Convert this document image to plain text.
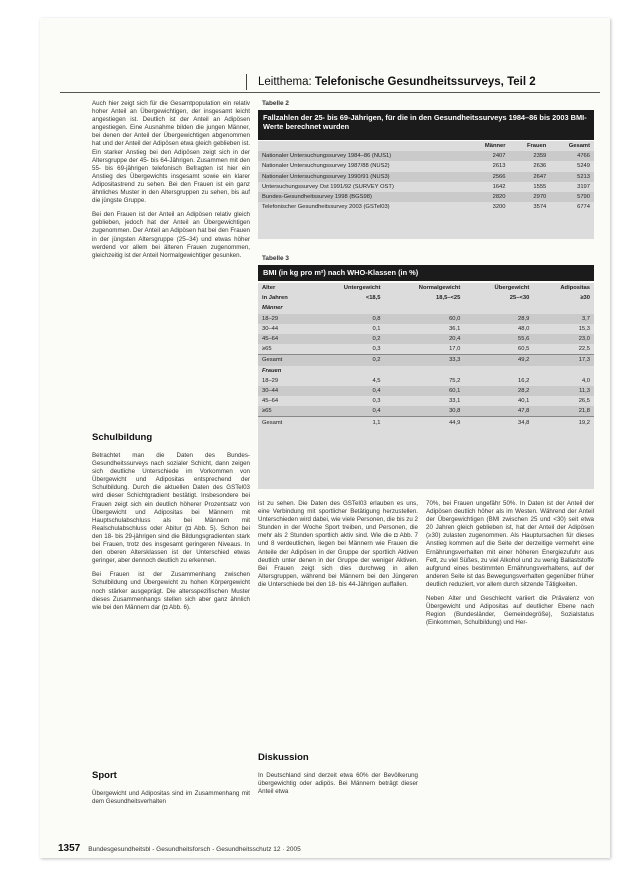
Leitthema: Telefonische Gesundheitssurveys, Teil 2
Tabelle 2
Fallzahlen der 25- bis 69-Jährigen, für die in den Gesundheitssurveys 1984–86 bis 2003 BMI-Werte berechnet wurden
	Männer	Frauen	Gesamt
Nationaler Untersuchungssurvey 1984–86 (NUS1)	2407	2359	4766
Nationaler Untersuchungssurvey 1987/88 (NUS2)	2613	2636	5249
Nationaler Untersuchungssurvey 1990/91 (NUS3)	2566	2647	5213
Untersuchungssurvey Ost 1991/92 (SURVEY OST)	1642	1555	3197
Bundes-Gesundheitssurvey 1998 (BGS98)	2820	2970	5790
Telefonischer Gesundheitssurvey 2003 (GSTel03)	3200	3574	6774
Tabelle 3
BMI (in kg pro m²) nach WHO-Klassen (in %)
Alter	Untergewicht	Normalgewicht	Übergewicht	Adipositas
in Jahren	<18,5	18,5–<25	25–<30	≥30
Männer				
18–29	0,8	60,0	28,9	3,7
30–44	0,1	36,1	48,0	15,3
45–64	0,2	20,4	55,6	23,0
≥65	0,3	17,0	60,5	22,5
Gesamt	0,2	33,3	49,2	17,3
Frauen				
18–29	4,5	75,2	16,2	4,0
30–44	0,4	60,1	28,2	11,3
45–64	0,3	33,1	40,1	26,5
≥65	0,4	30,8	47,8	21,8
Gesamt	1,1	44,9	34,8	19,2

Auch hier zeigt sich für die Gesamtpopulation ein relativ hoher Anteil an Übergewichtigen, der insgesamt leicht angestiegen ist. Deutlich ist der Anteil an Adipösen angestiegen. Eine Ausnahme bilden die jungen Männer, bei denen der Anteil der Übergewichtigen abgenommen hat und der Anteil der Adipösen etwa gleich geblieben ist. Ein starker Anstieg bei den Adipösen zeigt sich in der Altersgruppe der 45- bis 64-Jährigen. Zusammen mit den 55- bis 69-jährigen telefonisch Befragten ist hier ein Anstieg des Übergewichts insgesamt sowie ein klarer Adipositastrend zu sehen. Bei den Frauen ist ein ganz ähnliches Muster in den Altersgruppen zu sehen, bis auf die jüngste Gruppe.

Bei den Frauen ist der Anteil an Adipösen relativ gleich geblieben, jedoch hat der Anteil an Übergewichtigen zugenommen. Der Anteil an Adipösen hat bei den Frauen in der jüngsten Altersgruppe (25–34) und etwas höher werdend vor allem bei älteren Frauen zugenommen, gleichzeitig ist der Anteil Normalgewichtiger gesunken.

Schulbildung

Betrachtet man die Daten des Bundes-Gesundheitssurveys nach sozialer Schicht, dann zeigen sich deutliche Unterschiede im Vorkommen von Übergewicht und Adipositas entsprechend der Schulbildung. Durch die aktuellen Daten des GSTel03 wird dieser Schichtgradient bestätigt. Insbesondere bei Frauen zeigt sich ein deutlich höherer Prozentsatz von Übergewicht und Adipositas bei Männern mit Hauptschulabschluss als bei Männern mit Realschulabschluss oder Abitur (◘ Abb. 5). Schon bei den 18- bis 29-jährigen sind die Bildungsgradienten stark bei Frauen, trotz des insgesamt geringeren Niveaus. In den oberen Altersklassen ist der Unterschied etwas geringer, aber dennoch deutlich zu erkennen.

Bei Frauen ist der Zusammenhang zwischen Schulbildung und Übergewicht zu hohen Körpergewicht noch stärker ausgeprägt. Die altersspezifischen Muster dieses Zusammenhangs stellen sich aber ganz ähnlich wie bei den Männern dar (◘ Abb. 6).

Sport

Übergewicht und Adipositas sind im Zusammenhang mit dem Gesundheitsverhalten

ist zu sehen. Die Daten des GSTel03 erlauben es uns, eine Verbindung mit sportlicher Betätigung herzustellen. Unterschieden wird dabei, wie viele Personen, die bis zu 2 Stunden in der Woche Sport treiben, und Personen, die mehr als 2 Stunden sportlich aktiv sind. Wie die ◘ Abb. 7 und 8 verdeutlichen, liegen bei Männern wie Frauen die Anteile der Adipösen in der Gruppe der sportlich Aktiven deutlich unter denen in der Gruppe der weniger Aktiven. Bei Frauen zeigt sich dies durchweg in allen Altersgruppen, während bei Männern bei den Jüngeren die Unterschiede bei den 18- bis 44-Jährigen auffallen.

Diskussion

In Deutschland sind derzeit etwa 60% der Bevölkerung übergewichtig oder adipös. Bei Männern beträgt dieser Anteil etwa

70%, bei Frauen ungefähr 50%. In Daten ist der Anteil der Adipösen deutlich höher als im Westen. Während der Anteil der Übergewichtigen (BMI zwischen 25 und <30) seit etwa 20 Jahren gleich geblieben ist, hat der Anteil der Adipösen (≥30) zulasten zugenommen. Als Hauptursachen für dieses Anstieg kommen auf die Seite der derzeitige vermehrt eine Ernährungsverhalten mit einer höheren Energiezufuhr aus Fett, zu viel Süßes, zu viel Alkohol und zu wenig Ballaststoffe aufgrund eines bestimmten Ernährungsverhaltens, auf der anderen Seite ist das Bewegungsverhalten gegenüber früher deutlich reduziert, vor allem durch sitzende Tätigkeiten.

Neben Alter und Geschlecht variiert die Prävalenz von Übergewicht und Adipositas auf deutlicher Ebene nach Region (Bundesländer, Gemeindegröße), Sozialstatus (Einkommen, Schulbildung) und Her-

1357 Bundesgesundheitsbl - Gesundheitsforsch - Gesundheitsschutz 12 · 2005
